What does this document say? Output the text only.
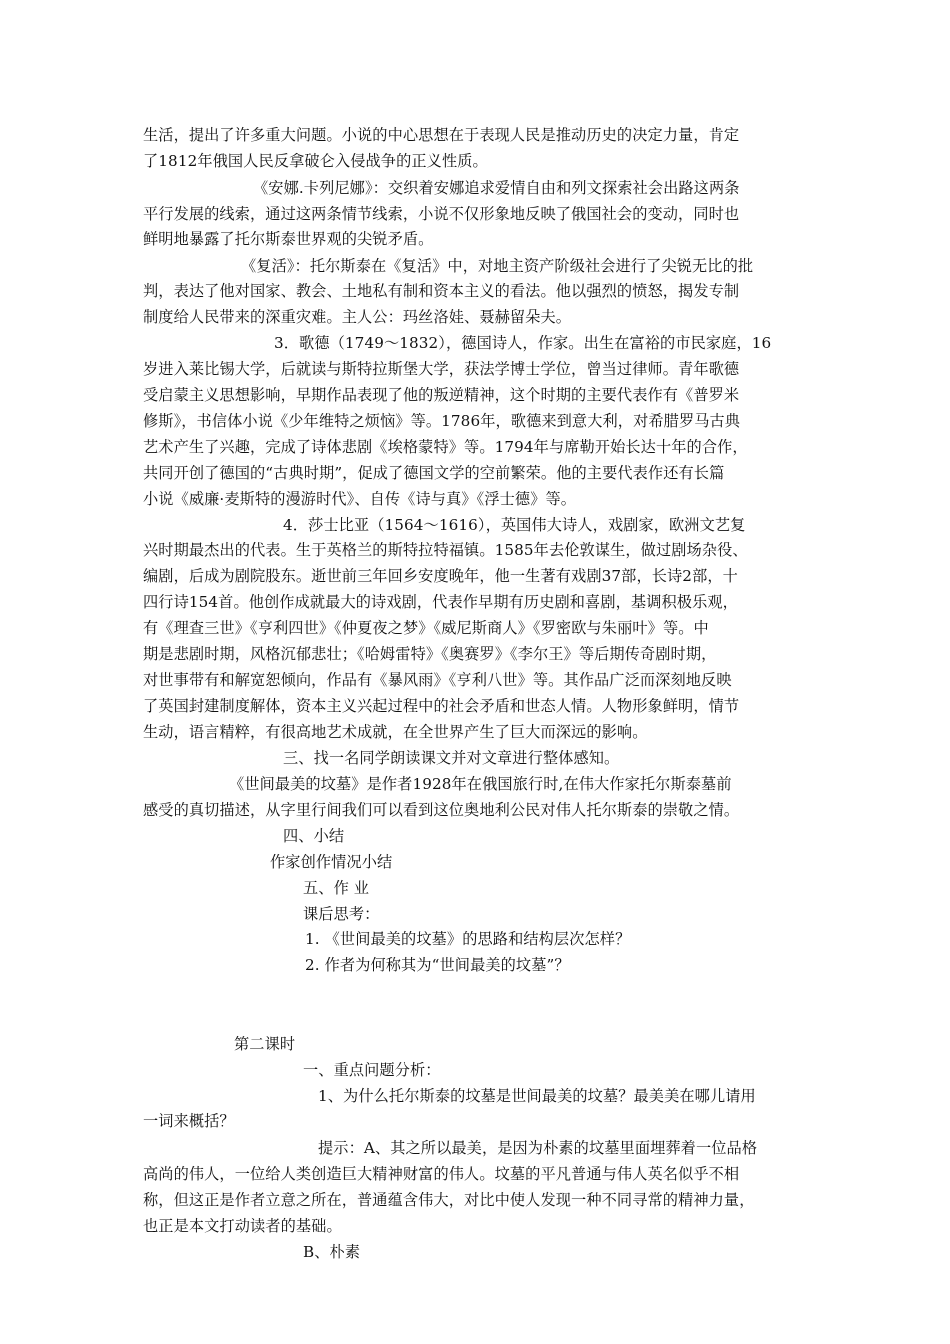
生活，提出了许多重大问题。小说的中心思想在于表现人民是推动历史的决定力量，肯定
了1812年俄国人民反拿破仑入侵战争的正义性质。
《安娜.卡列尼娜》：交织着安娜追求爱情自由和列文探索社会出路这两条
平行发展的线索，通过这两条情节线索，小说不仅形象地反映了俄国社会的变动，同时也
鲜明地暴露了托尔斯泰世界观的尖锐矛盾。
《复活》：托尔斯泰在《复活》中，对地主资产阶级社会进行了尖锐无比的批
判，表达了他对国家、教会、土地私有制和资本主义的看法。他以强烈的愤怒，揭发专制
制度给人民带来的深重灾难。主人公：玛丝洛娃、聂赫留朵夫。
3．歌德（1749～1832），德国诗人，作家。出生在富裕的市民家庭，16
岁进入莱比锡大学，后就读与斯特拉斯堡大学，获法学博士学位，曾当过律师。青年歌德
受启蒙主义思想影响，早期作品表现了他的叛逆精神，这个时期的主要代表作有《普罗米
修斯》，书信体小说《少年维特之烦恼》等。1786年，歌德来到意大利，对希腊罗马古典
艺术产生了兴趣，完成了诗体悲剧《埃格蒙特》等。1794年与席勒开始长达十年的合作，
共同开创了德国的“古典时期”，促成了德国文学的空前繁荣。他的主要代表作还有长篇
小说《威廉·麦斯特的漫游时代》、自传《诗与真》《浮士德》等。
4．莎士比亚（1564～1616），英国伟大诗人，戏剧家，欧洲文艺复
兴时期最杰出的代表。生于英格兰的斯特拉特福镇。1585年去伦敦谋生，做过剧场杂役、
编剧，后成为剧院股东。逝世前三年回乡安度晚年，他一生著有戏剧37部，长诗2部，十
四行诗154首。他创作成就最大的诗戏剧，代表作早期有历史剧和喜剧，基调积极乐观，
有《理查三世》《亨利四世》《仲夏夜之梦》《威尼斯商人》《罗密欧与朱丽叶》等。中
期是悲剧时期，风格沉郁悲壮；《哈姆雷特》《奥赛罗》《李尔王》等后期传奇剧时期，
对世事带有和解宽恕倾向，作品有《暴风雨》《亨利八世》等。其作品广泛而深刻地反映
了英国封建制度解体，资本主义兴起过程中的社会矛盾和世态人情。人物形象鲜明，情节
生动，语言精粹，有很高地艺术成就，在全世界产生了巨大而深远的影响。
三、找一名同学朗读课文并对文章进行整体感知。
《世间最美的坟墓》是作者1928年在俄国旅行时,在伟大作家托尔斯泰墓前
感受的真切描述，从字里行间我们可以看到这位奥地利公民对伟人托尔斯泰的崇敬之情。
四、小结
作家创作情况小结
五、作 业
课后思考：
1. 《世间最美的坟墓》的思路和结构层次怎样？
2. 作者为何称其为“世间最美的坟墓”？
第二课时
一、重点问题分析：
1、为什么托尔斯泰的坟墓是世间最美的坟墓？最美美在哪儿请用
一词来概括？
提示：A、其之所以最美，是因为朴素的坟墓里面埋葬着一位品格
高尚的伟人，一位给人类创造巨大精神财富的伟人。坟墓的平凡普通与伟人英名似乎不相
称，但这正是作者立意之所在，普通蕴含伟大，对比中使人发现一种不同寻常的精神力量，
也正是本文打动读者的基础。
B、朴素
